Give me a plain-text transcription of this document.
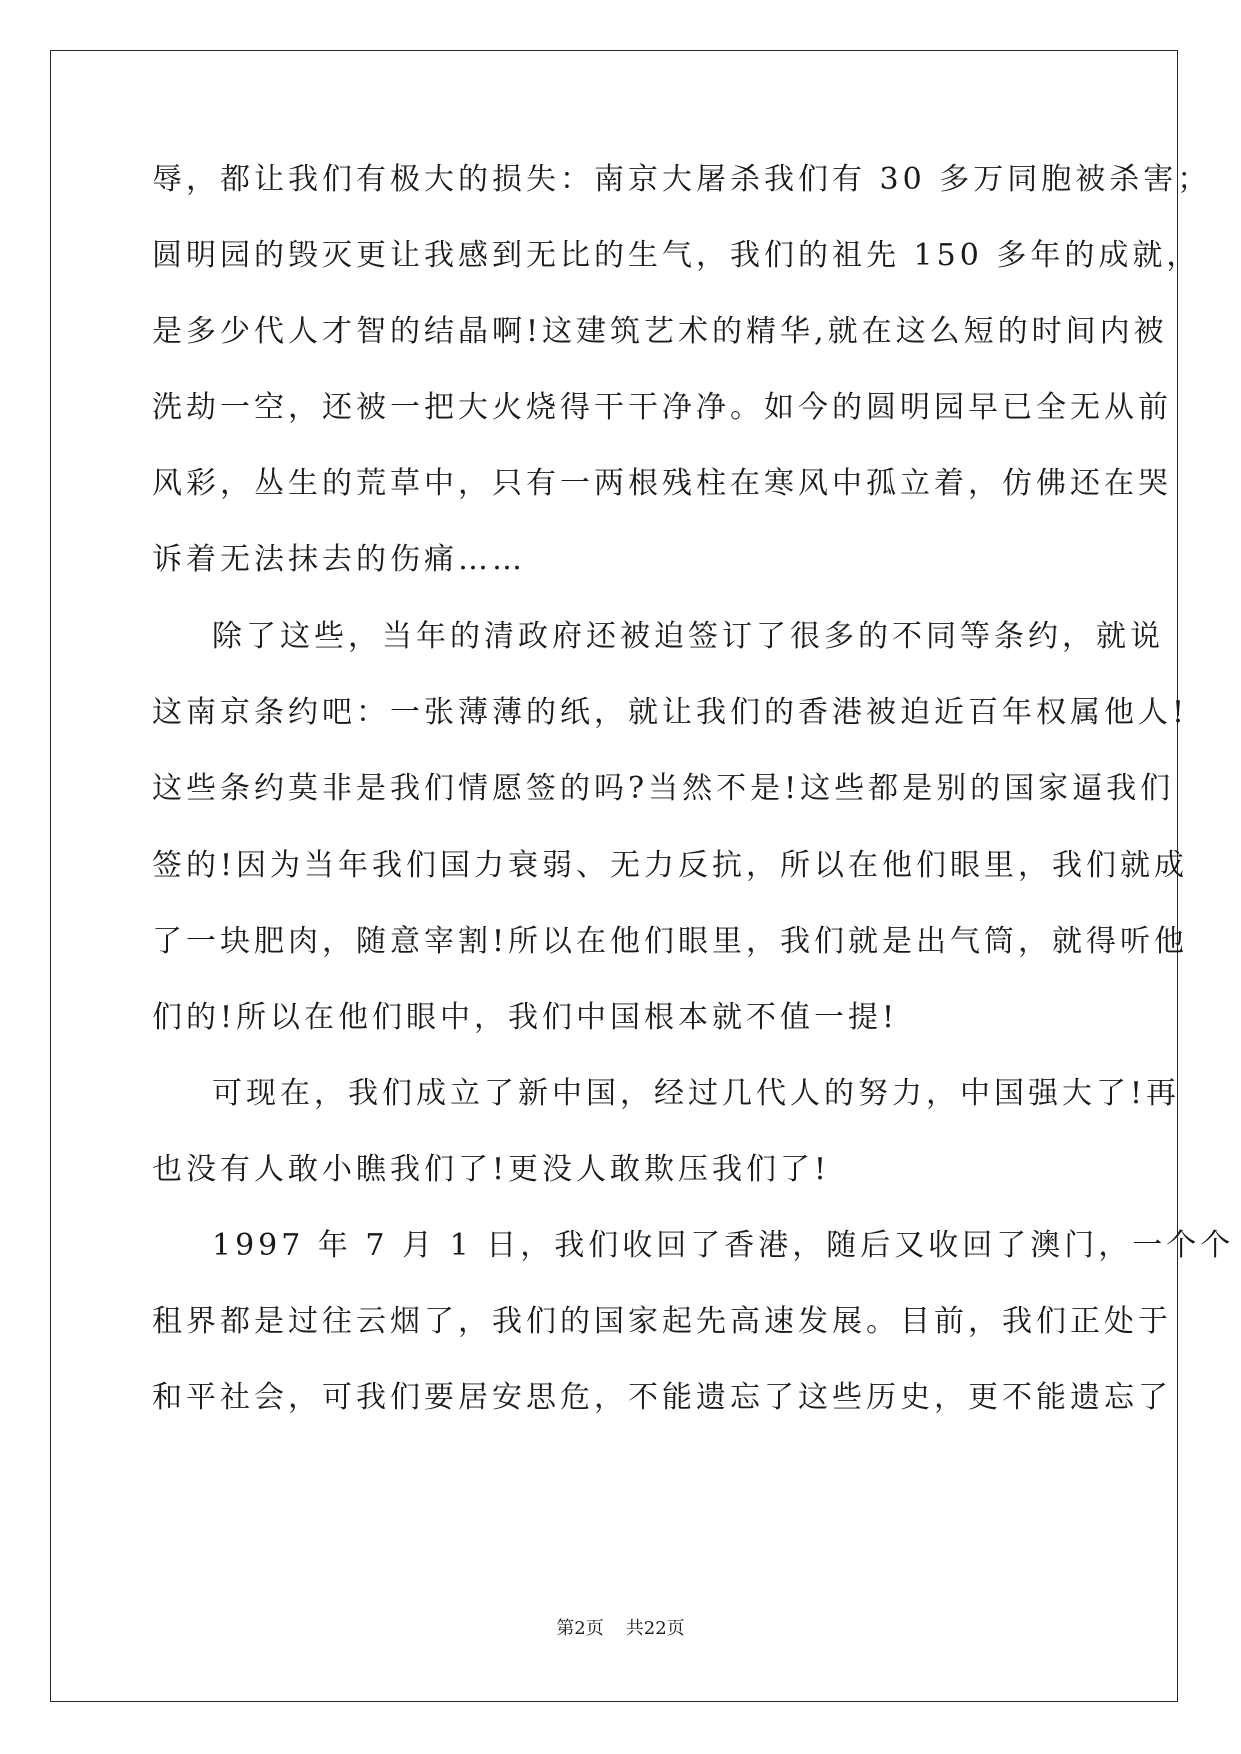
辱，都让我们有极大的损失：南京大屠杀我们有 30 多万同胞被杀害；
圆明园的毁灭更让我感到无比的生气，我们的祖先 150 多年的成就，
是多少代人才智的结晶啊!这建筑艺术的精华,就在这么短的时间内被
洗劫一空，还被一把大火烧得干干净净。如今的圆明园早已全无从前
风彩，丛生的荒草中，只有一两根残柱在寒风中孤立着，仿佛还在哭
诉着无法抹去的伤痛……
除了这些，当年的清政府还被迫签订了很多的不同等条约，就说
这南京条约吧：一张薄薄的纸，就让我们的香港被迫近百年权属他人!
这些条约莫非是我们情愿签的吗?当然不是!这些都是别的国家逼我们
签的!因为当年我们国力衰弱、无力反抗，所以在他们眼里，我们就成
了一块肥肉，随意宰割!所以在他们眼里，我们就是出气筒，就得听他
们的!所以在他们眼中，我们中国根本就不值一提!
可现在，我们成立了新中国，经过几代人的努力，中国强大了!再
也没有人敢小瞧我们了!更没人敢欺压我们了!
1997 年 7 月 1 日，我们收回了香港，随后又收回了澳门，一个个
租界都是过往云烟了，我们的国家起先高速发展。目前，我们正处于
和平社会，可我们要居安思危，不能遗忘了这些历史，更不能遗忘了
第2页 共22页
